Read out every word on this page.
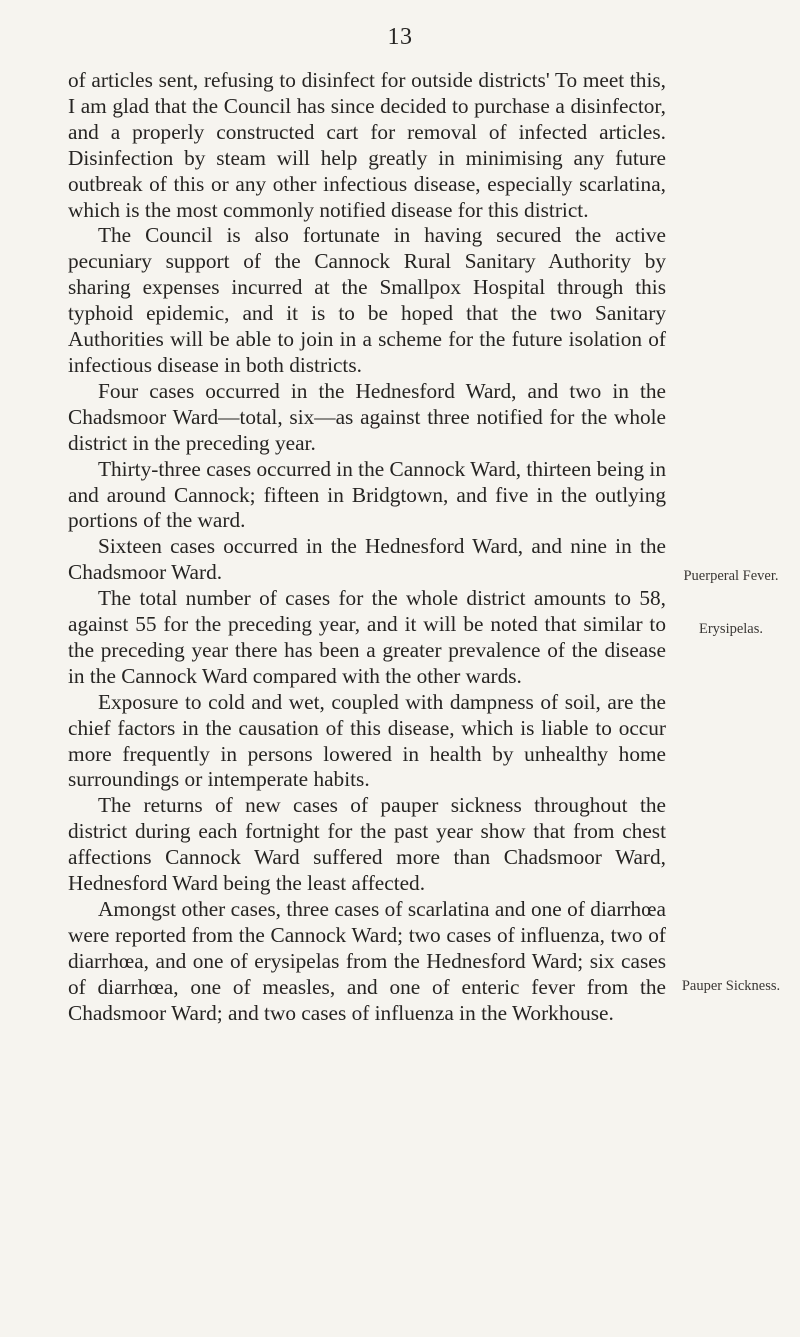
13

of articles sent, refusing to disinfect for outside districts' To meet this, I am glad that the Council has since decided to purchase a disinfector, and a properly constructed cart for removal of infected articles. Disinfection by steam will help greatly in minimising any future outbreak of this or any other infectious disease, especially scarlatina, which is the most commonly notified disease for this district.

The Council is also fortunate in having secured the active pecuniary support of the Cannock Rural Sanitary Authority by sharing expenses incurred at the Smallpox Hospital through this typhoid epidemic, and it is to be hoped that the two Sanitary Authorities will be able to join in a scheme for the future isolation of infectious disease in both districts.

Four cases occurred in the Hednesford Ward, and two in the Chadsmoor Ward—total, six—as against three notified for the whole district in the preceding year.

Thirty-three cases occurred in the Cannock Ward, thirteen being in and around Cannock; fifteen in Bridgtown, and five in the outlying portions of the ward.

Sixteen cases occurred in the Hednesford Ward, and nine in the Chadsmoor Ward.

The total number of cases for the whole district amounts to 58, against 55 for the preceding year, and it will be noted that similar to the preceding year there has been a greater prevalence of the disease in the Cannock Ward compared with the other wards.

Exposure to cold and wet, coupled with dampness of soil, are the chief factors in the causation of this disease, which is liable to occur more frequently in persons lowered in health by unhealthy home surroundings or intemperate habits.

The returns of new cases of pauper sickness throughout the district during each fortnight for the past year show that from chest affections Cannock Ward suffered more than Chadsmoor Ward, Hednesford Ward being the least affected.

Amongst other cases, three cases of scarlatina and one of diarrhœa were reported from the Cannock Ward; two cases of influenza, two of diarrhœa, and one of erysipelas from the Hednesford Ward; six cases of diarrhœa, one of measles, and one of enteric fever from the Chadsmoor Ward; and two cases of influenza in the Workhouse.

Puerperal Fever.
Erysipelas.
Pauper Sickness.
